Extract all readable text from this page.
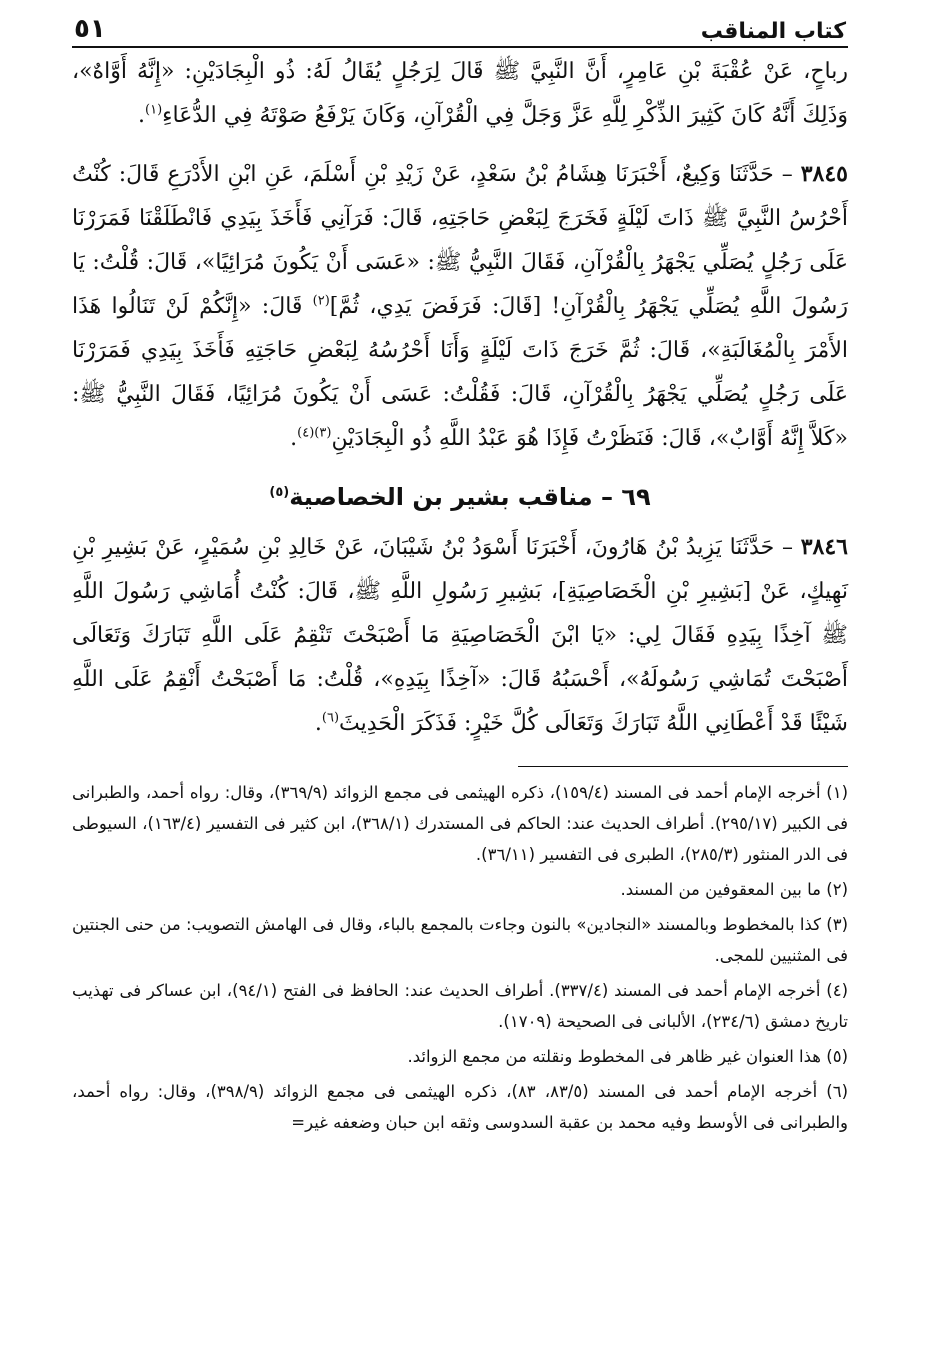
كتاب المناقب
٥١

رباحٍ، عَنْ عُقْبَةَ بْنِ عَامِرٍ، أَنَّ النَّبِيَّ ﷺ قَالَ لِرَجُلٍ يُقَالُ لَهُ: ذُو الْبِجَادَيْنِ: «إِنَّهُ أَوَّاهٌ»، وَذَلِكَ أَنَّهُ كَانَ كَثِيرَ الذِّكْرِ لِلَّهِ عَزَّ وَجَلَّ فِي الْقُرْآنِ، وَكَانَ يَرْفَعُ صَوْتَهُ فِي الدُّعَاءِ$^{(١)}$.

٣٨٤٥ – حَدَّثَنَا وَكِيعٌ، أَخْبَرَنَا هِشَامُ بْنُ سَعْدٍ، عَنْ زَيْدِ بْنِ أَسْلَمَ، عَنِ ابْنِ الأَدْرَعِ قَالَ: كُنْتُ أَحْرُسُ النَّبِيَّ ﷺ ذَاتَ لَيْلَةٍ فَخَرَجَ لِبَعْضِ حَاجَتِهِ، قَالَ: فَرَآنِي فَأَخَذَ بِيَدِي فَانْطَلَقْنَا فَمَرَرْنَا عَلَى رَجُلٍ يُصَلِّي يَجْهَرُ بِالْقُرْآنِ، فَقَالَ النَّبِيُّ ﷺ: «عَسَى أَنْ يَكُونَ مُرَائِيًا»، قَالَ: قُلْتُ: يَا رَسُولَ اللَّهِ يُصَلِّي يَجْهَرُ بِالْقُرْآنِ! [قَالَ: فَرَفَضَ يَدِي، ثُمَّ]$^{(٢)}$ قَالَ: «إِنَّكُمْ لَنْ تَنَالُوا هَذَا الأَمْرَ بِالْمُغَالَبَةِ»، قَالَ: ثُمَّ خَرَجَ ذَاتَ لَيْلَةٍ وَأَنَا أَحْرُسُهُ لِبَعْضِ حَاجَتِهِ فَأَخَذَ بِيَدِي فَمَرَرْنَا عَلَى رَجُلٍ يُصَلِّي يَجْهَرُ بِالْقُرْآنِ، قَالَ: فَقُلْتُ: عَسَى أَنْ يَكُونَ مُرَائِيًا، فَقَالَ النَّبِيُّ ﷺ: «كَلاَّ إِنَّهُ أَوَّابٌ»، قَالَ: فَنَظَرْتُ فَإِذَا هُوَ عَبْدُ اللَّهِ ذُو الْبِجَادَيْنِ$^{(٣)(٤)}$.

٦٩ – مناقب بشير بن الخصاصية$^{(٥)}$

٣٨٤٦ – حَدَّثَنَا يَزِيدُ بْنُ هَارُونَ، أَخْبَرَنَا أَسْوَدُ بْنُ شَيْبَانَ، عَنْ خَالِدِ بْنِ سُمَيْرٍ، عَنْ بَشِيرِ بْنِ نَهِيكٍ، عَنْ [بَشِيرِ بْنِ الْخَصَاصِيَةِ]، بَشِيرِ رَسُولِ اللَّهِ ﷺ، قَالَ: كُنْتُ أُمَاشِي رَسُولَ اللَّهِ ﷺ آخِذًا بِيَدِهِ فَقَالَ لِي: «يَا ابْنَ الْخَصَاصِيَةِ مَا أَصْبَحْتَ تَنْقِمُ عَلَى اللَّهِ تَبَارَكَ وَتَعَالَى أَصْبَحْتَ تُمَاشِي رَسُولَهُ»، أَحْسَبُهُ قَالَ: «آخِذًا بِيَدِهِ»، قُلْتُ: مَا أَصْبَحْتُ أَنْقِمُ عَلَى اللَّهِ شَيْئًا قَدْ أَعْطَانِي اللَّهُ تَبَارَكَ وَتَعَالَى كُلَّ خَيْرٍ: فَذَكَرَ الْحَدِيثَ$^{(٦)}$.

(١) أخرجه الإمام أحمد فى المسند (١٥٩/٤)، ذكره الهيثمى فى مجمع الزوائد (٣٦٩/٩)، وقال: رواه أحمد، والطبرانى فى الكبير (٢٩٥/١٧). أطراف الحديث عند: الحاكم فى المستدرك (٣٦٨/١)، ابن كثير فى التفسير (١٦٣/٤)، السيوطى فى الدر المنثور (٢٨٥/٣)، الطبرى فى التفسير (٣٦/١١).

(٢) ما بين المعقوفين من المسند.

(٣) كذا بالمخطوط وبالمسند «النجادين» بالنون وجاءت بالمجمع بالباء، وقال فى الهامش التصويب: من حنى الجنتين فى المثنيين للمجى.

(٤) أخرجه الإمام أحمد فى المسند (٣٣٧/٤). أطراف الحديث عند: الحافظ فى الفتح (٩٤/١)، ابن عساكر فى تهذيب تاريخ دمشق (٢٣٤/٦)، الألبانى فى الصحيحة (١٧٠٩).

(٥) هذا العنوان غير ظاهر فى المخطوط ونقلته من مجمع الزوائد.

(٦) أخرجه الإمام أحمد فى المسند (٨٣/٥، ٨٣)، ذكره الهيثمى فى مجمع الزوائد (٣٩٨/٩)، وقال: رواه أحمد، والطبرانى فى الأوسط وفيه محمد بن عقبة السدوسى وثقه ابن حبان وضعفه غير=
